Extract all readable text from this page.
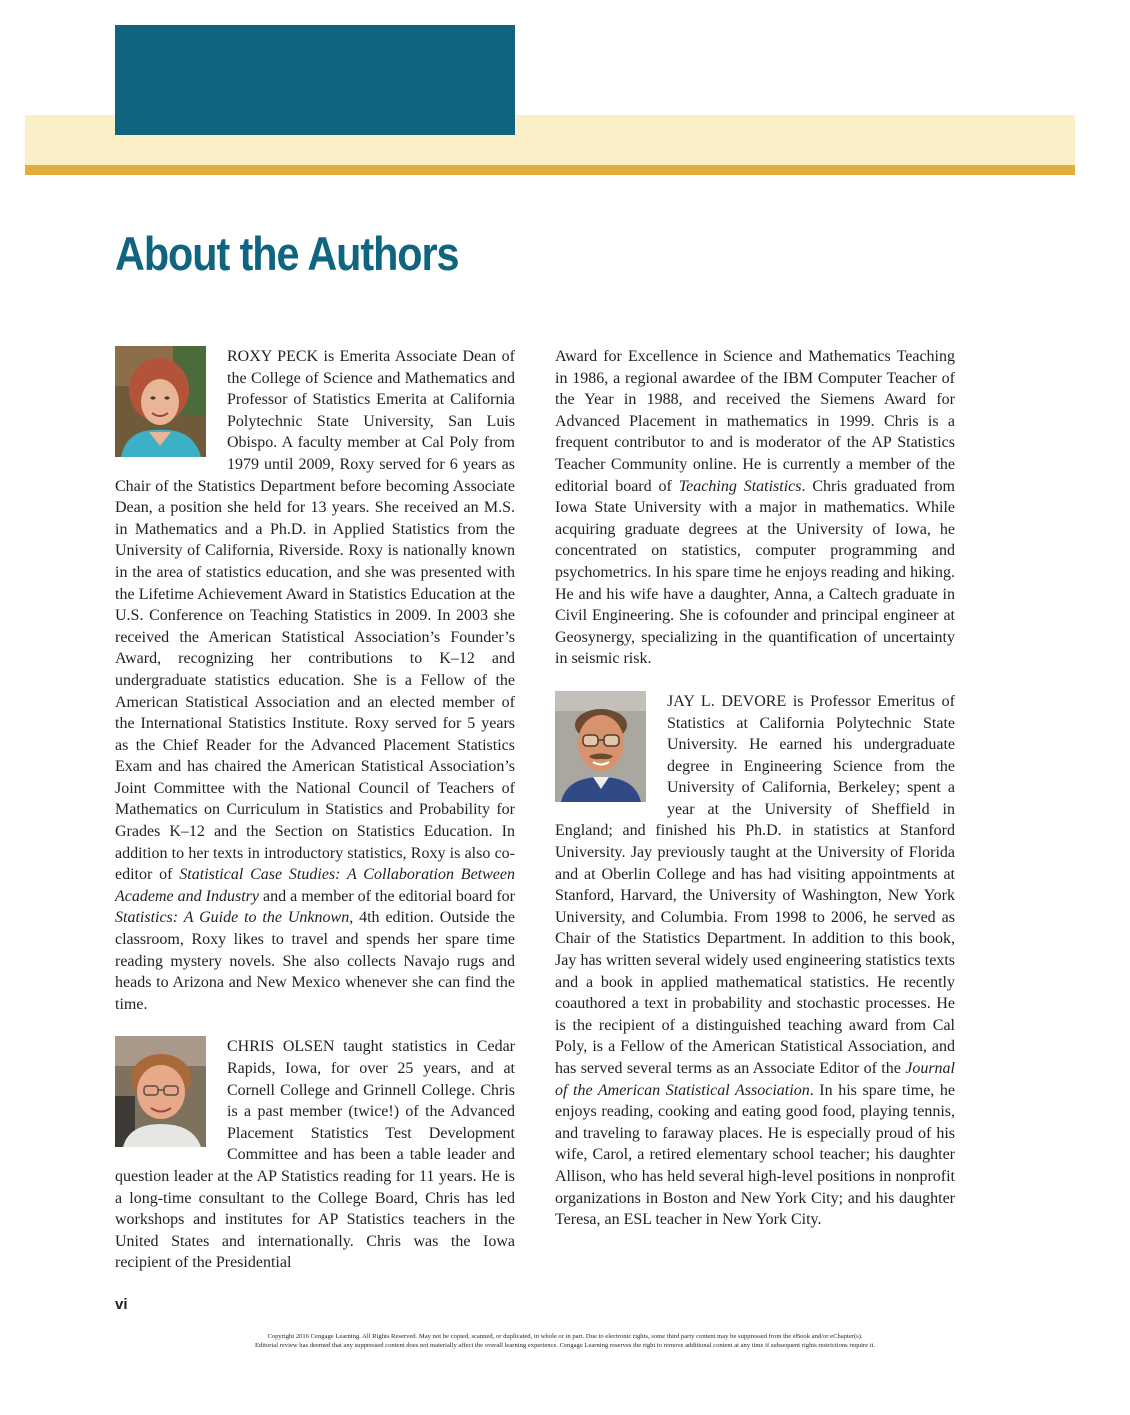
About the Authors

ROXY PECK is Emerita Associate Dean of the College of Science and Mathematics and Professor of Statistics Emerita at California Polytechnic State University, San Luis Obispo. A faculty member at Cal Poly from 1979 until 2009, Roxy served for 6 years as Chair of the Statistics Department before becoming Associate Dean, a position she held for 13 years. She received an M.S. in Mathematics and a Ph.D. in Applied Statistics from the University of California, Riverside. Roxy is nationally known in the area of statistics education, and she was presented with the Lifetime Achievement Award in Statistics Education at the U.S. Conference on Teaching Statistics in 2009. In 2003 she received the American Statistical Association’s Founder’s Award, recognizing her contributions to K–12 and undergraduate statistics education. She is a Fellow of the American Statistical Association and an elected member of the International Statistics Institute. Roxy served for 5 years as the Chief Reader for the Advanced Placement Statistics Exam and has chaired the American Statistical Association’s Joint Committee with the National Council of Teachers of Mathematics on Curriculum in Statistics and Probability for Grades K–12 and the Section on Statistics Education. In addition to her texts in introductory statistics, Roxy is also co-editor of Statistical Case Studies: A Collaboration Between Academe and Industry and a member of the editorial board for Statistics: A Guide to the Unknown, 4th edition. Outside the classroom, Roxy likes to travel and spends her spare time reading mystery novels. She also collects Navajo rugs and heads to Arizona and New Mexico whenever she can find the time.

CHRIS OLSEN taught statistics in Cedar Rapids, Iowa, for over 25 years, and at Cornell College and Grinnell College. Chris is a past member (twice!) of the Advanced Placement Statistics Test Development Committee and has been a table leader and question leader at the AP Statistics reading for 11 years. He is a long-time consultant to the College Board, Chris has led workshops and institutes for AP Statistics teachers in the United States and internationally. Chris was the Iowa recipient of the Presidential

Award for Excellence in Science and Mathematics Teaching in 1986, a regional awardee of the IBM Computer Teacher of the Year in 1988, and received the Siemens Award for Advanced Placement in mathematics in 1999. Chris is a frequent contributor to and is moderator of the AP Statistics Teacher Community online. He is currently a member of the editorial board of Teaching Statistics. Chris graduated from Iowa State University with a major in mathematics. While acquiring graduate degrees at the University of Iowa, he concentrated on statistics, computer programming and psychometrics. In his spare time he enjoys reading and hiking. He and his wife have a daughter, Anna, a Caltech graduate in Civil Engineering. She is cofounder and principal engineer at Geosynergy, specializing in the quantification of uncertainty in seismic risk.

JAY L. DEVORE is Professor Emeritus of Statistics at California Polytechnic State University. He earned his undergraduate degree in Engineering Science from the University of California, Berkeley; spent a year at the University of Sheffield in England; and finished his Ph.D. in statistics at Stanford University. Jay previously taught at the University of Florida and at Oberlin College and has had visiting appointments at Stanford, Harvard, the University of Washington, New York University, and Columbia. From 1998 to 2006, he served as Chair of the Statistics Department. In addition to this book, Jay has written several widely used engineering statistics texts and a book in applied mathematical statistics. He recently coauthored a text in probability and stochastic processes. He is the recipient of a distinguished teaching award from Cal Poly, is a Fellow of the American Statistical Association, and has served several terms as an Associate Editor of the Journal of the American Statistical Association. In his spare time, he enjoys reading, cooking and eating good food, playing tennis, and traveling to faraway places. He is especially proud of his wife, Carol, a retired elementary school teacher; his daughter Allison, who has held several high-level positions in nonprofit organizations in Boston and New York City; and his daughter Teresa, an ESL teacher in New York City.

vi
Copyright 2016 Cengage Learning. All Rights Reserved. May not be copied, scanned, or duplicated, in whole or in part. Due to electronic rights, some third party content may be suppressed from the eBook and/or eChapter(s).
Editorial review has deemed that any suppressed content does not materially affect the overall learning experience. Cengage Learning reserves the right to remove additional content at any time if subsequent rights restrictions require it.
